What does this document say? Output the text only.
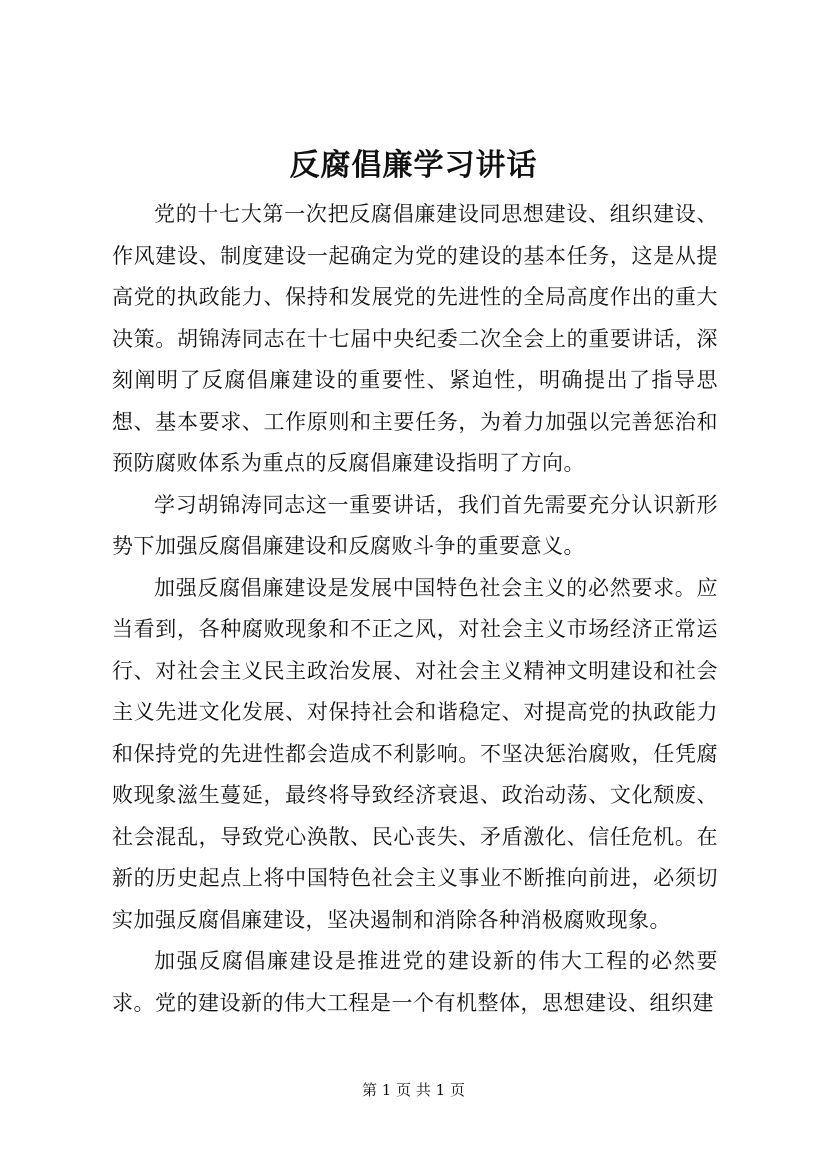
反腐倡廉学习讲话

党的十七大第一次把反腐倡廉建设同思想建设、组织建设、作风建设、制度建设一起确定为党的建设的基本任务，这是从提高党的执政能力、保持和发展党的先进性的全局高度作出的重大决策。胡锦涛同志在十七届中央纪委二次全会上的重要讲话，深刻阐明了反腐倡廉建设的重要性、紧迫性，明确提出了指导思想、基本要求、工作原则和主要任务，为着力加强以完善惩治和预防腐败体系为重点的反腐倡廉建设指明了方向。

学习胡锦涛同志这一重要讲话，我们首先需要充分认识新形势下加强反腐倡廉建设和反腐败斗争的重要意义。

加强反腐倡廉建设是发展中国特色社会主义的必然要求。应当看到，各种腐败现象和不正之风，对社会主义市场经济正常运行、对社会主义民主政治发展、对社会主义精神文明建设和社会主义先进文化发展、对保持社会和谐稳定、对提高党的执政能力和保持党的先进性都会造成不利影响。不坚决惩治腐败，任凭腐败现象滋生蔓延，最终将导致经济衰退、政治动荡、文化颓废、社会混乱，导致党心涣散、民心丧失、矛盾激化、信任危机。在新的历史起点上将中国特色社会主义事业不断推向前进，必须切实加强反腐倡廉建设，坚决遏制和消除各种消极腐败现象。

加强反腐倡廉建设是推进党的建设新的伟大工程的必然要求。党的建设新的伟大工程是一个有机整体，思想建设、组织建

第 1 页 共 1 页
